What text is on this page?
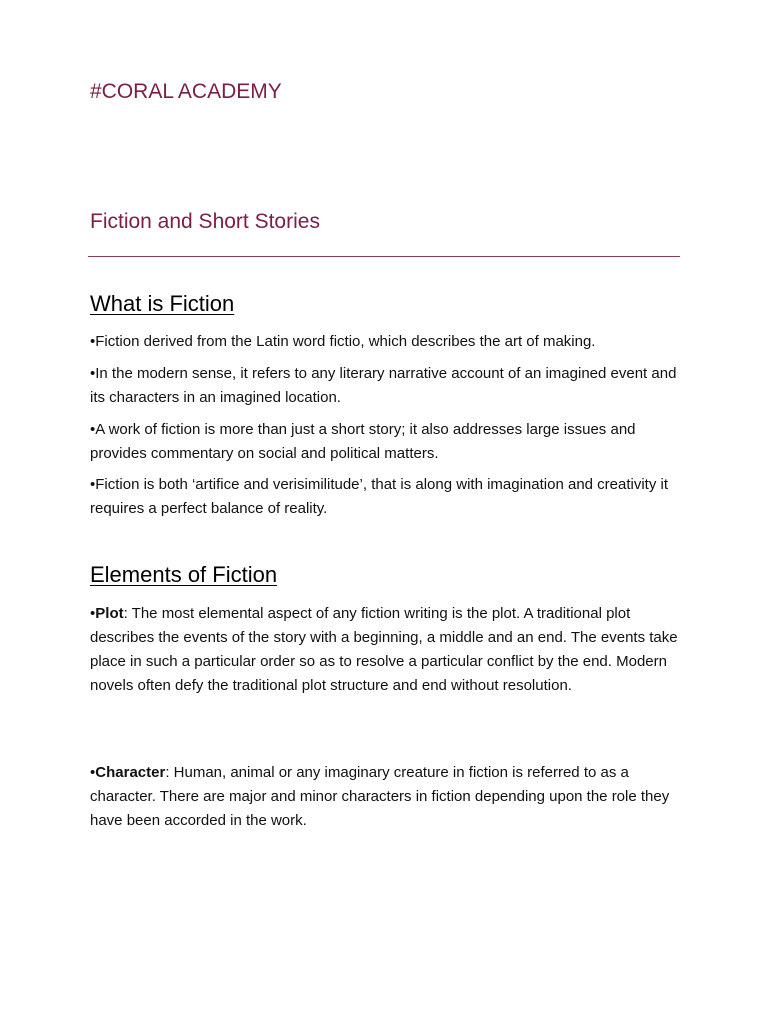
#CORAL ACADEMY
Fiction and Short Stories
What is Fiction

•Fiction derived from the Latin word fictio, which describes the art of making.

•In the modern sense, it refers to any literary narrative account of an imagined event and its characters in an imagined location.

•A work of fiction is more than just a short story; it also addresses large issues and provides commentary on social and political matters.

•Fiction is both ‘artifice and verisimilitude’, that is along with imagination and creativity it requires a perfect balance of reality.

Elements of Fiction

•Plot: The most elemental aspect of any fiction writing is the plot. A traditional plot describes the events of the story with a beginning, a middle and an end. The events take place in such a particular order so as to resolve a particular conflict by the end. Modern novels often defy the traditional plot structure and end without resolution.

•Character: Human, animal or any imaginary creature in fiction is referred to as a character. There are major and minor characters in fiction depending upon the role they have been accorded in the work.
